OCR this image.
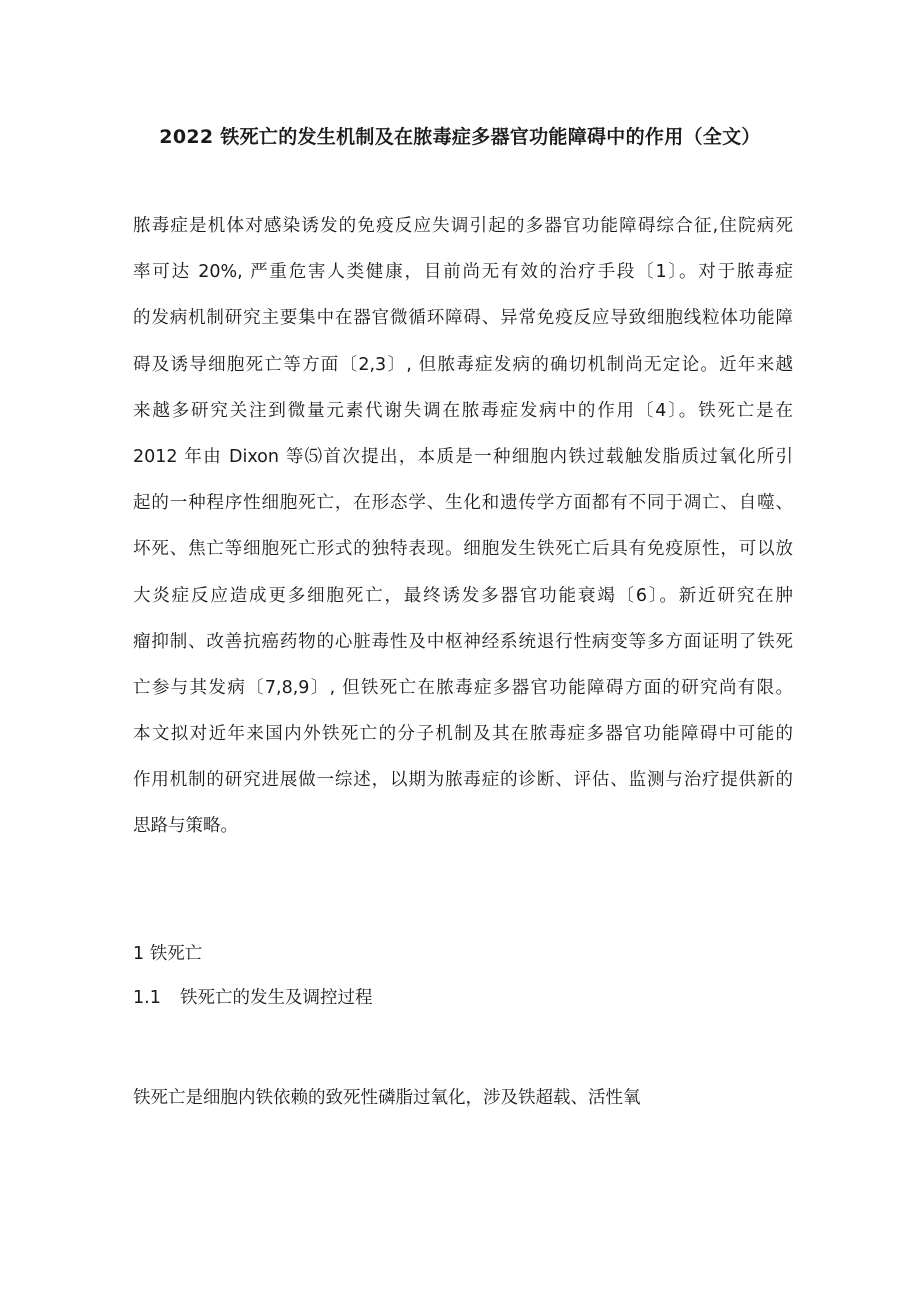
2022 铁死亡的发生机制及在脓毒症多器官功能障碍中的作用（全文）
脓毒症是机体对感染诱发的免疫反应失调引起的多器官功能障碍综合征,住院病死
率可达 20%, 严重危害人类健康，目前尚无有效的治疗手段〔1〕。对于脓毒症
的发病机制研究主要集中在器官微循环障碍、异常免疫反应导致细胞线粒体功能障
碍及诱导细胞死亡等方面〔2,3〕, 但脓毒症发病的确切机制尚无定论。近年来越
来越多研究关注到微量元素代谢失调在脓毒症发病中的作用〔4〕。铁死亡是在
2012 年由 Dixon 等⑸首次提出，本质是一种细胞内铁过载触发脂质过氧化所引
起的一种程序性细胞死亡，在形态学、生化和遗传学方面都有不同于凋亡、自噬、
坏死、焦亡等细胞死亡形式的独特表现。细胞发生铁死亡后具有免疫原性，可以放
大炎症反应造成更多细胞死亡，最终诱发多器官功能衰竭〔6〕。新近研究在肿
瘤抑制、改善抗癌药物的心脏毒性及中枢神经系统退行性病变等多方面证明了铁死
亡参与其发病〔7,8,9〕, 但铁死亡在脓毒症多器官功能障碍方面的研究尚有限。
本文拟对近年来国内外铁死亡的分子机制及其在脓毒症多器官功能障碍中可能的
作用机制的研究进展做一综述，以期为脓毒症的诊断、评估、监测与治疗提供新的
思路与策略。
1 铁死亡
1.1 铁死亡的发生及调控过程
铁死亡是细胞内铁依赖的致死性磷脂过氧化，涉及铁超载、活性氧
